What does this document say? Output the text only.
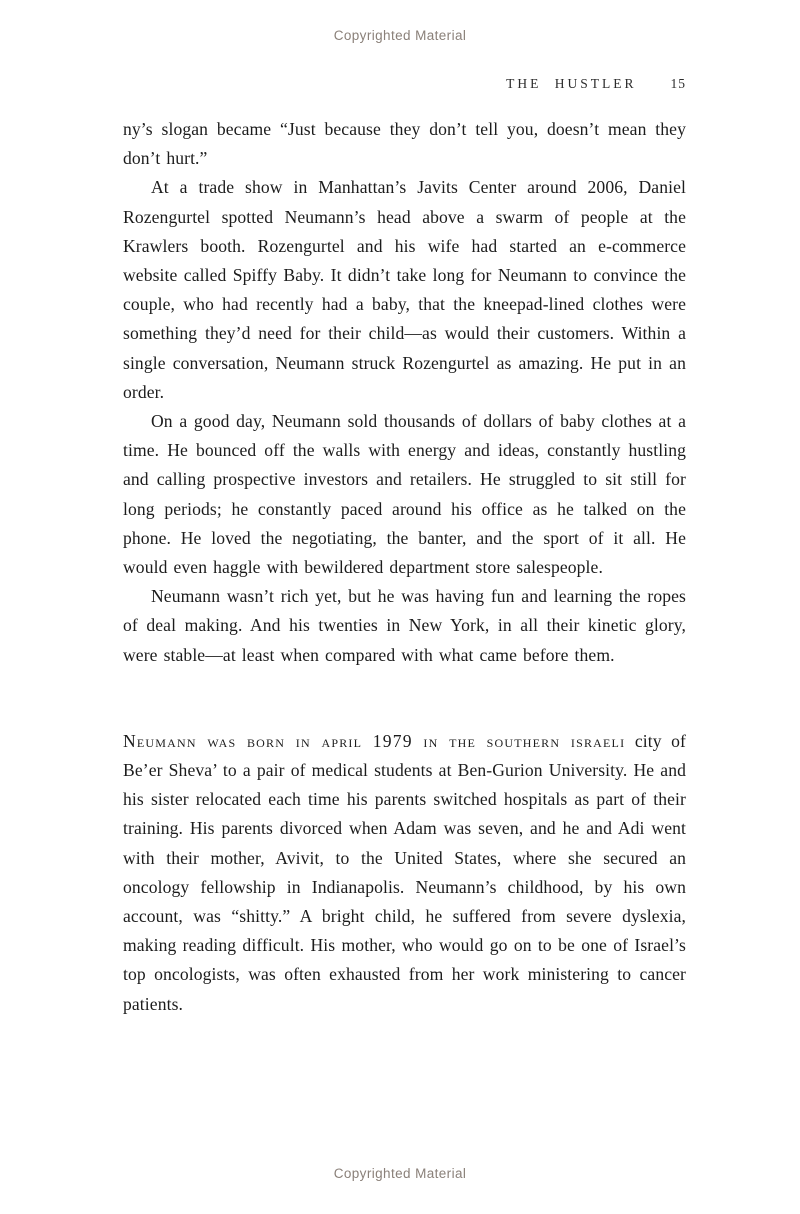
Copyrighted Material
THE HUSTLER	15

ny’s slogan became “Just because they don’t tell you, doesn’t mean they don’t hurt.”

At a trade show in Manhattan’s Javits Center around 2006, Daniel Rozengurtel spotted Neumann’s head above a swarm of people at the Krawlers booth. Rozengurtel and his wife had started an e-commerce website called Spiffy Baby. It didn’t take long for Neumann to convince the couple, who had recently had a baby, that the kneepad-lined clothes were something they’d need for their child—as would their customers. Within a single conversation, Neumann struck Rozengurtel as amazing. He put in an order.

On a good day, Neumann sold thousands of dollars of baby clothes at a time. He bounced off the walls with energy and ideas, constantly hustling and calling prospective investors and retailers. He struggled to sit still for long periods; he constantly paced around his office as he talked on the phone. He loved the negotiating, the banter, and the sport of it all. He would even haggle with bewildered department store salespeople.

Neumann wasn’t rich yet, but he was having fun and learning the ropes of deal making. And his twenties in New York, in all their kinetic glory, were stable—at least when compared with what came before them.

Neumann was born in april 1979 in the southern israeli city of Be’er Sheva’ to a pair of medical students at Ben-Gurion University. He and his sister relocated each time his parents switched hospitals as part of their training. His parents divorced when Adam was seven, and he and Adi went with their mother, Avivit, to the United States, where she secured an oncology fellowship in Indianapolis. Neumann’s childhood, by his own account, was “shitty.” A bright child, he suffered from severe dyslexia, making reading difficult. His mother, who would go on to be one of Israel’s top oncologists, was often exhausted from her work ministering to cancer patients.

Copyrighted Material
